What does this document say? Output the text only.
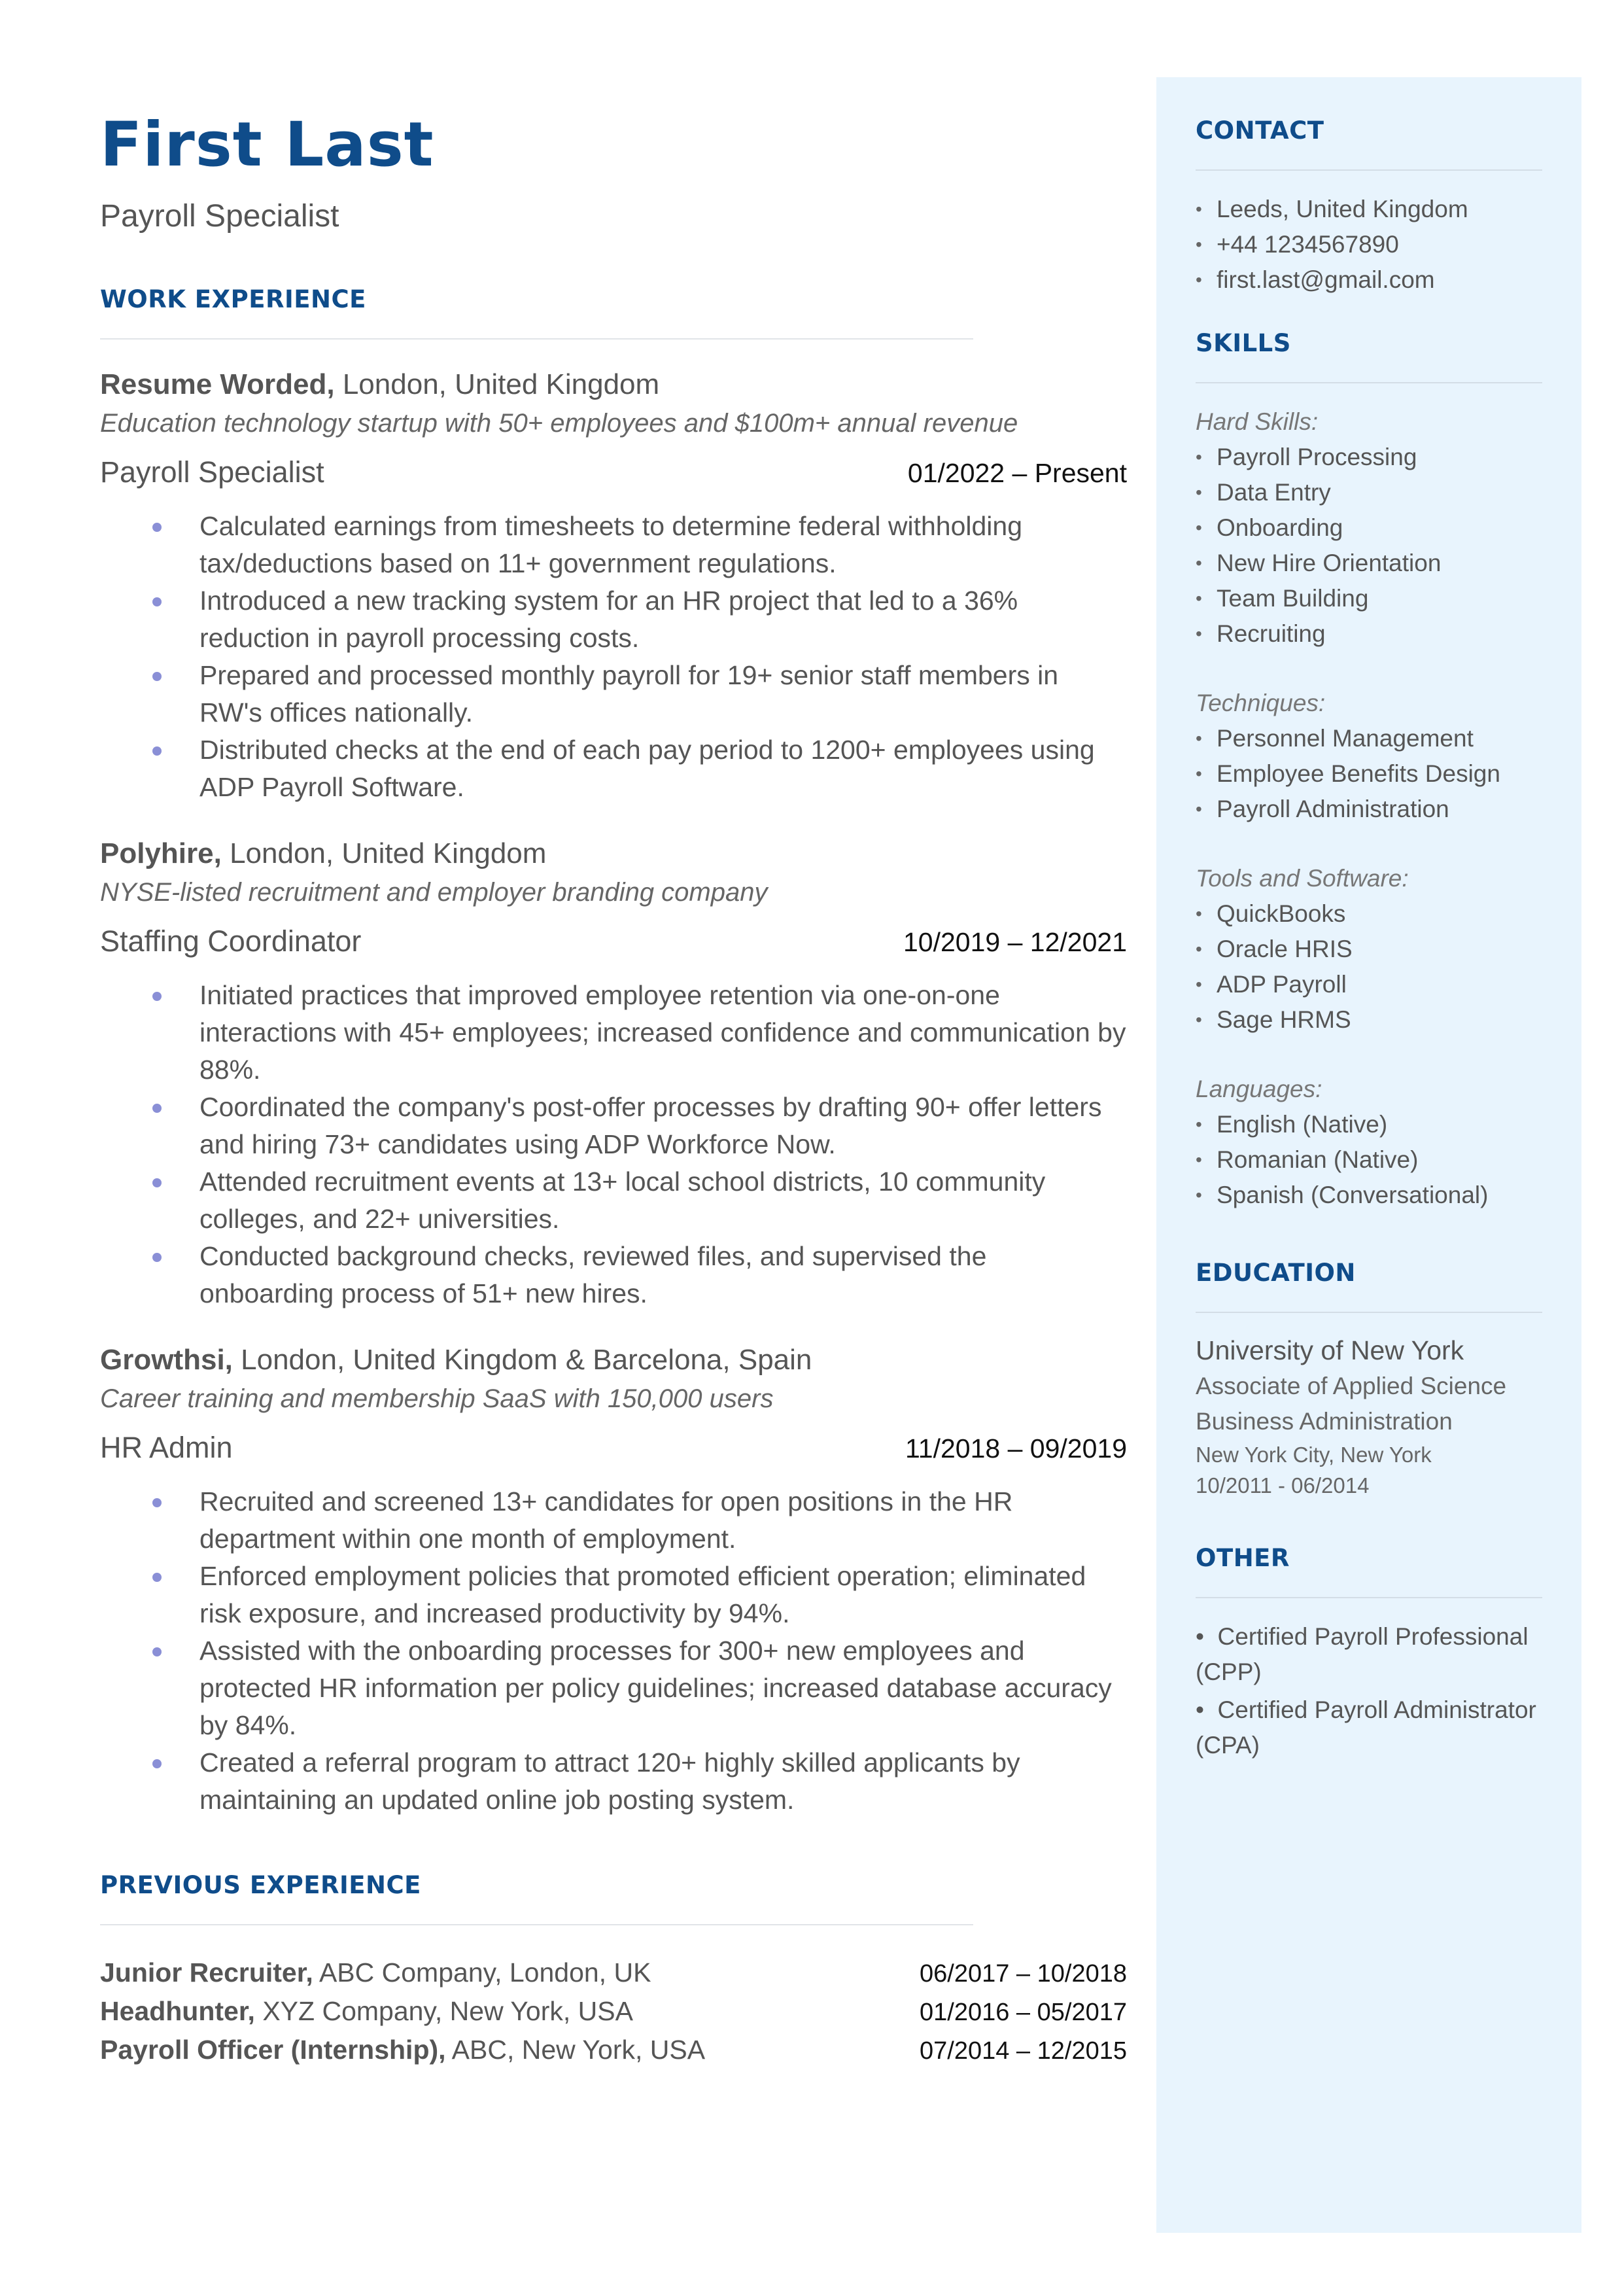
First Last
Payroll Specialist
WORK EXPERIENCE
Resume Worded, London, United Kingdom
Education technology startup with 50+ employees and $100m+ annual revenue
Payroll Specialist	01/2022 – Present
Calculated earnings from timesheets to determine federal withholding tax/deductions based on 11+ government regulations.
Introduced a new tracking system for an HR project that led to a 36% reduction in payroll processing costs.
Prepared and processed monthly payroll for 19+ senior staff members in RW's offices nationally.
Distributed checks at the end of each pay period to 1200+ employees using ADP Payroll Software.
Polyhire, London, United Kingdom
NYSE-listed recruitment and employer branding company
Staffing Coordinator	10/2019 – 12/2021
Initiated practices that improved employee retention via one-on-one interactions with 45+ employees; increased confidence and communication by 88%.
Coordinated the company's post-offer processes by drafting 90+ offer letters and hiring 73+ candidates using ADP Workforce Now.
Attended recruitment events at 13+ local school districts, 10 community colleges, and 22+ universities.
Conducted background checks, reviewed files, and supervised the onboarding process of 51+ new hires.
Growthsi, London, United Kingdom & Barcelona, Spain
Career training and membership SaaS with 150,000 users
HR Admin	11/2018 – 09/2019
Recruited and screened 13+ candidates for open positions in the HR department within one month of employment.
Enforced employment policies that promoted efficient operation; eliminated risk exposure, and increased productivity by 94%.
Assisted with the onboarding processes for 300+ new employees and protected HR information per policy guidelines; increased database accuracy by 84%.
Created a referral program to attract 120+ highly skilled applicants by maintaining an updated online job posting system.
PREVIOUS EXPERIENCE
Junior Recruiter, ABC Company, London, UK	06/2017 – 10/2018
Headhunter, XYZ Company, New York, USA	01/2016 – 05/2017
Payroll Officer (Internship), ABC, New York, USA	07/2014 – 12/2015
CONTACT
• Leeds, United Kingdom
• +44 1234567890
• first.last@gmail.com
SKILLS
Hard Skills:
• Payroll Processing
• Data Entry
• Onboarding
• New Hire Orientation
• Team Building
• Recruiting
Techniques:
• Personnel Management
• Employee Benefits Design
• Payroll Administration
Tools and Software:
• QuickBooks
• Oracle HRIS
• ADP Payroll
• Sage HRMS
Languages:
• English (Native)
• Romanian (Native)
• Spanish (Conversational)
EDUCATION
University of New York
Associate of Applied Science
Business Administration
New York City, New York
10/2011 - 06/2014
OTHER
•  Certified Payroll Professional (CPP)
•  Certified Payroll Administrator (CPA)
